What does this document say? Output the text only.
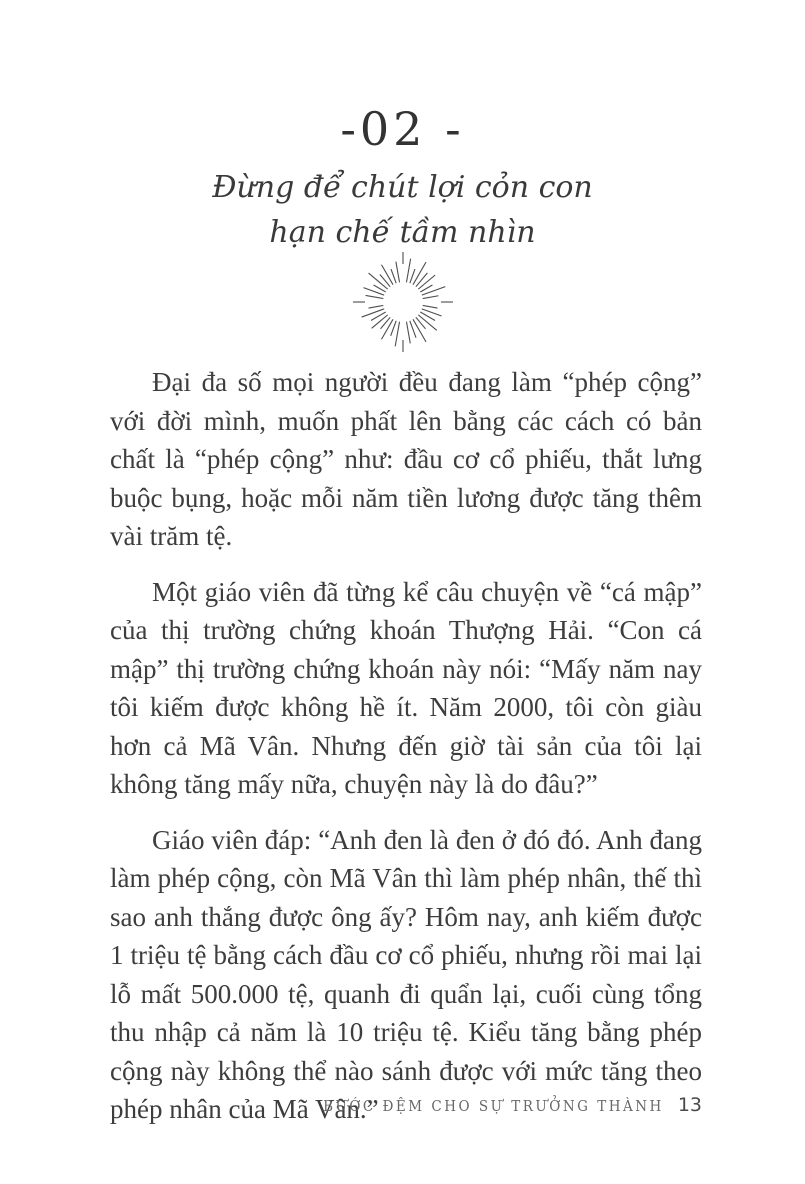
-02 -
Đừng để chút lợi cỏn con
hạn chế tầm nhìn

Đại đa số mọi người đều đang làm “phép cộng” với đời mình, muốn phất lên bằng các cách có bản chất là “phép cộng” như: đầu cơ cổ phiếu, thắt lưng buộc bụng, hoặc mỗi năm tiền lương được tăng thêm vài trăm tệ.

Một giáo viên đã từng kể câu chuyện về “cá mập” của thị trường chứng khoán Thượng Hải. “Con cá mập” thị trường chứng khoán này nói: “Mấy năm nay tôi kiếm được không hề ít. Năm 2000, tôi còn giàu hơn cả Mã Vân. Nhưng đến giờ tài sản của tôi lại không tăng mấy nữa, chuyện này là do đâu?”

Giáo viên đáp: “Anh đen là đen ở đó đó. Anh đang làm phép cộng, còn Mã Vân thì làm phép nhân, thế thì sao anh thắng được ông ấy? Hôm nay, anh kiếm được 1 triệu tệ bằng cách đầu cơ cổ phiếu, nhưng rồi mai lại lỗ mất 500.000 tệ, quanh đi quẩn lại, cuối cùng tổng thu nhập cả năm là 10 triệu tệ. Kiểu tăng bằng phép cộng này không thể nào sánh được với mức tăng theo phép nhân của Mã Vân.”

BƯỚC ĐỆM CHO SỰ TRƯỞNG THÀNH 13
